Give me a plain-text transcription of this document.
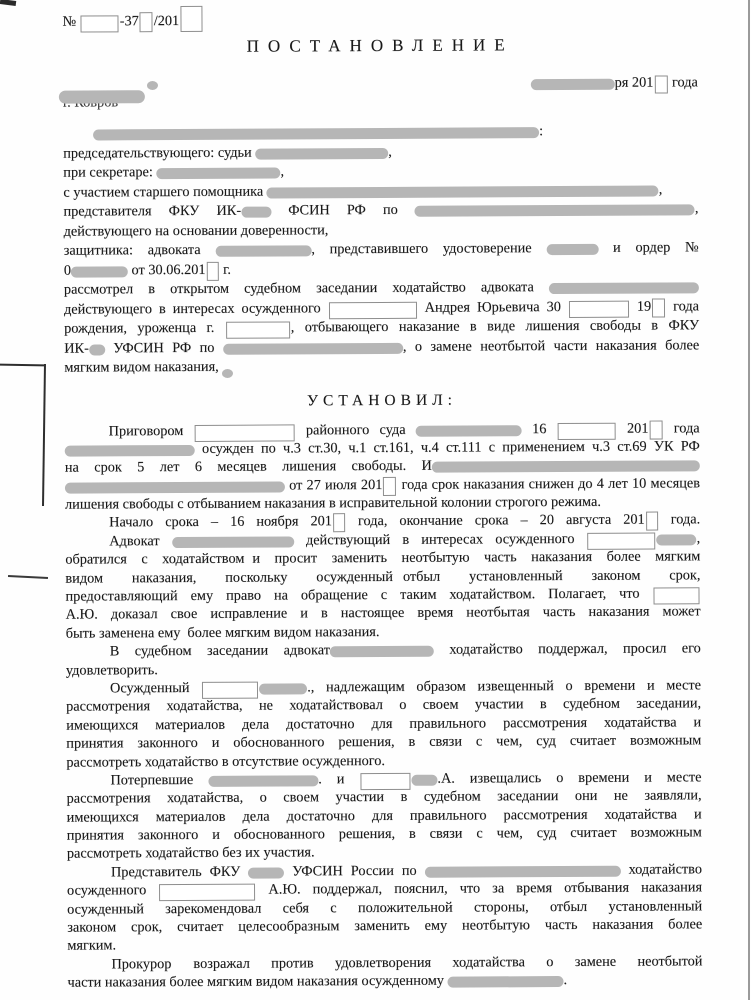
№	-37 /201
ПОСТАНОВЛЕНИЕ
ря 201 года
:
председательствующего: судьи	,
при секретаре:	,
с участием старшего помощника	,
представителя ФКУ ИК- ФСИН РФ по	,
действующего на основании доверенности,
защитника: адвоката	, представившего удостоверение	и ордер №
0	от 30.06.201 г.
рассмотрел в открытом судебном заседании ходатайство адвоката
действующего в интересах осужденного	Андрея Юрьевича 30	19 года
рождения, уроженца г.	, отбывающего наказание в виде лишения свободы в ФКУ
ИК- УФСИН РФ по	, о замене неотбытой части наказания более
мягким видом наказания,
УСТАНОВИЛ:
Приговором	районного суда	16	201 года
осужден по ч.3 ст.30, ч.1 ст.161, ч.4 ст.111 с применением ч.3 ст.69 УК РФ
на срок 5 лет 6 месяцев лишения свободы. И
от 27 июля 201 года срок наказания снижен до 4 лет 10 месяцев
лишения свободы с отбыванием наказания в исправительной колонии строгого режима.
Начало срока – 16 ноября 201 года, окончание срока – 20 августа 201 года.
Адвокат	действующий в интересах осужденного	,
обратился с ходатайством и просит заменить неотбытую часть наказания более мягким
видом наказания, поскольку осужденный отбыл установленный законом срок,
предоставляющий ему право на обращение с таким ходатайством. Полагает, что
А.Ю. доказал свое исправление и в настоящее время неотбытая часть наказания может
быть заменена ему более мягким видом наказания.
В судебном заседании адвокат	ходатайство поддержал, просил его
удовлетворить.
Осужденный	., надлежащим образом извещенный о времени и месте
рассмотрения ходатайства, не ходатайствовал о своем участии в судебном заседании,
имеющихся материалов дела достаточно для правильного рассмотрения ходатайства и
принятия законного и обоснованного решения, в связи с чем, суд считает возможным
рассмотреть ходатайство в отсутствие осужденного.
Потерпевшие	. и	.А. извещались о времени и месте
рассмотрения ходатайства, о своем участии в судебном заседании они не заявляли,
имеющихся материалов дела достаточно для правильного рассмотрения ходатайства и
принятия законного и обоснованного решения, в связи с чем, суд считает возможным
рассмотреть ходатайство без их участия.
Представитель ФКУ	УФСИН России по	ходатайство
осужденного	А.Ю. поддержал, пояснил, что за время отбывания наказания
осужденный зарекомендовал себя с положительной стороны, отбыл установленный
законом срок, считает целесообразным заменить ему неотбытую часть наказания более
мягким.
Прокурор возражал против удовлетворения ходатайства о замене неотбытой
части наказания более мягким видом наказания осужденному	.
